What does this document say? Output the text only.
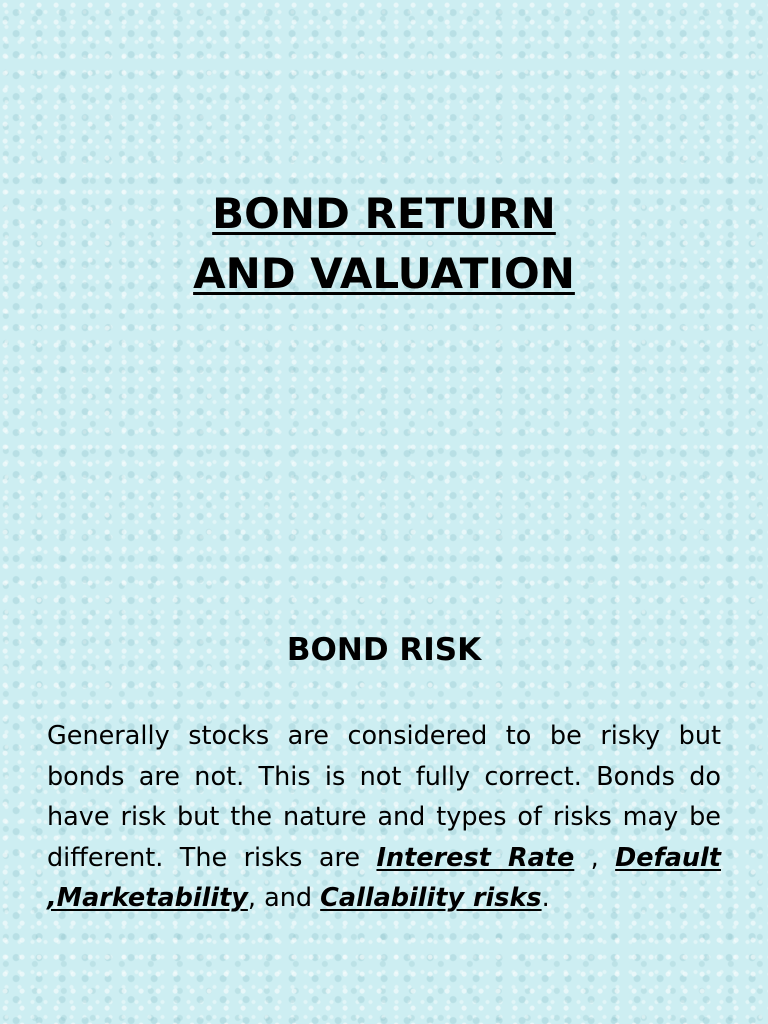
BOND RETURN
AND VALUATION
BOND RISK

Generally stocks are considered to be risky but bonds are not. This is not fully correct. Bonds do have risk but the nature and types of risks may be different. The risks are Interest Rate , Default ,Marketability, and Callability risks.
